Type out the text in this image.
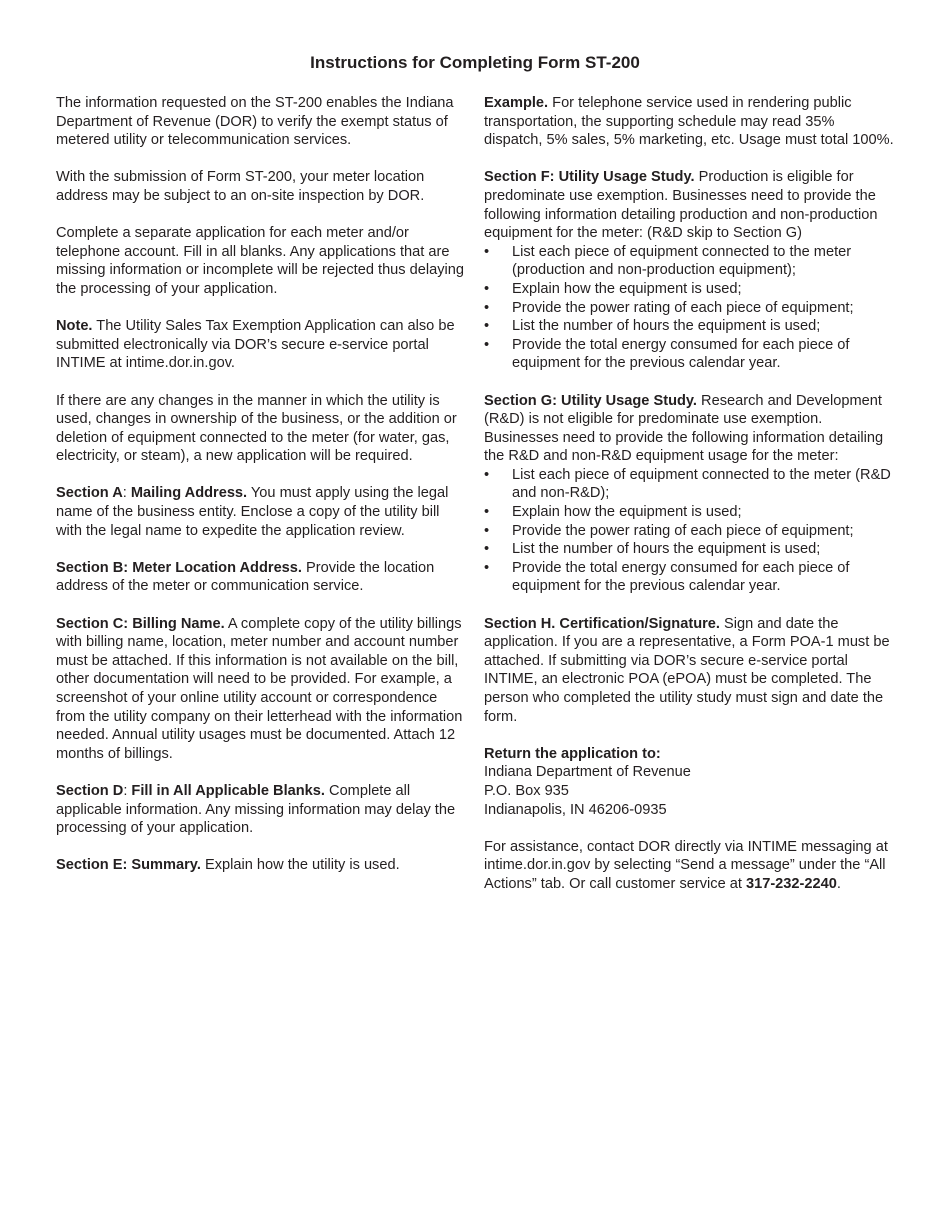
Instructions for Completing Form ST-200

The information requested on the ST-200 enables the Indiana Department of Revenue (DOR) to verify the exempt status of metered utility or telecommunication services.

With the submission of Form ST-200, your meter location address may be subject to an on-site inspection by DOR.

Complete a separate application for each meter and/or telephone account. Fill in all blanks. Any applications that are missing information or incomplete will be rejected thus delaying the processing of your application.

Note. The Utility Sales Tax Exemption Application can also be submitted electronically via DOR’s secure e-service portal INTIME at intime.dor.in.gov.

If there are any changes in the manner in which the utility is used, changes in ownership of the business, or the addition or deletion of equipment connected to the meter (for water, gas, electricity, or steam), a new application will be required.

Section A: Mailing Address. You must apply using the legal name of the business entity. Enclose a copy of the utility bill with the legal name to expedite the application review.

Section B: Meter Location Address. Provide the location address of the meter or communication service.

Section C: Billing Name. A complete copy of the utility billings with billing name, location, meter number and account number must be attached. If this information is not available on the bill, other documentation will need to be provided. For example, a screenshot of your online utility account or correspondence from the utility company on their letterhead with the information needed. Annual utility usages must be documented. Attach 12 months of billings.

Section D: Fill in All Applicable Blanks. Complete all applicable information. Any missing information may delay the processing of your application.

Section E: Summary. Explain how the utility is used.

Example. For telephone service used in rendering public transportation, the supporting schedule may read 35% dispatch, 5% sales, 5% marketing, etc. Usage must total 100%.

Section F: Utility Usage Study. Production is eligible for predominate use exemption. Businesses need to provide the following information detailing production and non-production equipment for the meter: (R&D skip to Section G)

• List each piece of equipment connected to the meter (production and non-production equipment);
• Explain how the equipment is used;
• Provide the power rating of each piece of equipment;
• List the number of hours the equipment is used;
• Provide the total energy consumed for each piece of equipment for the previous calendar year.

Section G: Utility Usage Study. Research and Development (R&D) is not eligible for predominate use exemption. Businesses need to provide the following information detailing the R&D and non-R&D equipment usage for the meter:

• List each piece of equipment connected to the meter (R&D and non-R&D);
• Explain how the equipment is used;
• Provide the power rating of each piece of equipment;
• List the number of hours the equipment is used;
• Provide the total energy consumed for each piece of equipment for the previous calendar year.

Section H. Certification/Signature. Sign and date the application. If you are a representative, a Form POA-1 must be attached. If submitting via DOR’s secure e-service portal INTIME, an electronic POA (ePOA) must be completed. The person who completed the utility study must sign and date the form.

Return the application to:
Indiana Department of Revenue
P.O. Box 935
Indianapolis, IN 46206-0935

For assistance, contact DOR directly via INTIME messaging at intime.dor.in.gov by selecting “Send a message” under the “All Actions” tab. Or call customer service at 317-232-2240.
